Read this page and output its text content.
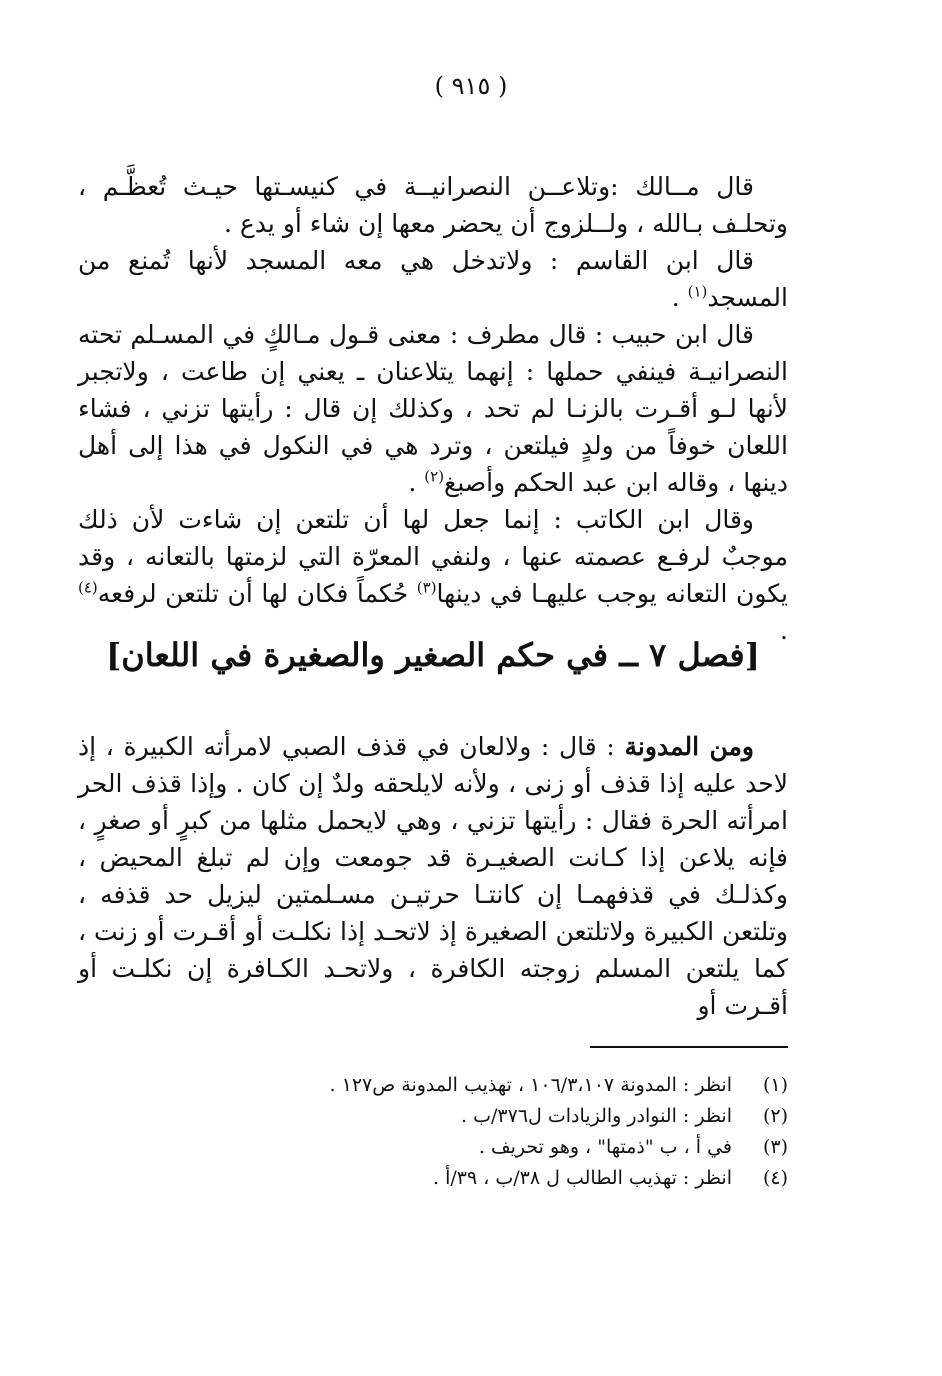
( ٩١٥ )

قال مــالك :وتلاعــن النصرانيــة في كنيسـتها حيـث تُعظَّـم ، وتحلـف بـالله ، ولــلزوج أن يحضر معها إن شاء أو يدع .

قال ابن القاسم : ولاتدخل هي معه المسجد لأنها تُمنع من المسجد$^{(١)}$ .

قال ابن حبيب : قال مطرف : معنى قـول مـالكٍ في المسـلم تحته النصرانيـة فينفي حملها : إنهما يتلاعنان ـ يعني إن طاعت ، ولاتجبر لأنها لـو أقـرت بالزنـا لم تحد ، وكذلك إن قال : رأيتها تزني ، فشاء اللعان خوفاً من ولدٍ فيلتعن ، وترد هي في النكول في هذا إلى أهل دينها ، وقاله ابن عبد الحكم وأصبغ$^{(٢)}$ .

وقال ابن الكاتب : إنما جعل لها أن تلتعن إن شاءت لأن ذلك موجبٌ لرفـع عصمته عنها ، ولنفي المعرّة التي لزمتها بالتعانه ، وقد يكون التعانه يوجب عليهـا في دينها$^{(٣)}$ حُكماً فكان لها أن تلتعن لرفعه$^{(٤)}$ .

[فصل ٧ ــ في حكم الصغير والصغيرة في اللعان]

ومن المدونة : قال : ولالعان في قذف الصبي لامرأته الكبيرة ، إذ لاحد عليه إذا قذف أو زنى ، ولأنه لايلحقه ولدٌ إن كان . وإذا قذف الحر امرأته الحرة فقال : رأيتها تزني ، وهي لايحمل مثلها من كبرٍ أو صغرٍ ، فإنه يلاعن إذا كـانت الصغيـرة قد جومعت وإن لم تبلغ المحيض ، وكذلـك في قذفهمـا إن كانتـا حرتيـن مسـلمتين ليزيل حد قذفه ، وتلتعن الكبيرة ولاتلتعن الصغيرة إذ لاتحـد إذا نكلـت أو أقـرت أو زنت ، كما يلتعن المسلم زوجته الكافرة ، ولاتحـد الكـافرة إن نكلـت أو أقـرت أو

(١)
انظر : المدونة ١٠٦/٣،١٠٧ ، تهذيب المدونة ص١٢٧ .
(٢)
انظر : النوادر والزيادات ل٣٧٦/ب .
(٣)
في أ ، ب "ذمتها" ، وهو تحريف .
(٤)
انظر : تهذيب الطالب ل ٣٨/ب ، ٣٩/أ .
